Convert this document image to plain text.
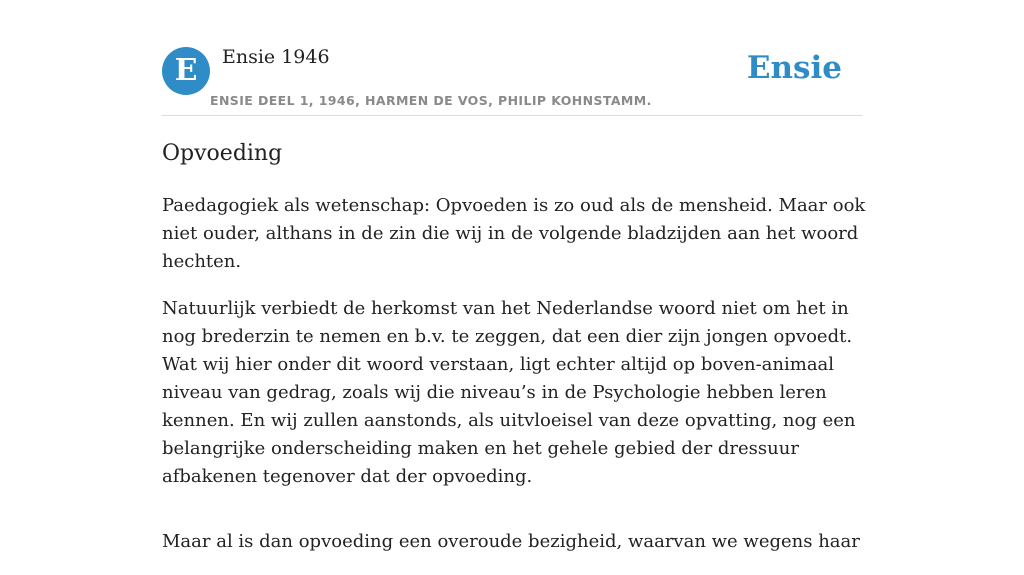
E	Ensie 1946
ENSIE DEEL 1, 1946, HARMEN DE VOS, PHILIP KOHNSTAMM.
Ensie
Opvoeding

Paedagogiek als wetenschap: Opvoeden is zo oud als de mensheid. Maar ook niet ouder, althans in de zin die wij in de volgende bladzijden aan het woord hechten.

Natuurlijk verbiedt de herkomst van het Nederlandse woord niet om het in nog brederzin te nemen en b.v. te zeggen, dat een dier zijn jongen opvoedt. Wat wij hier onder dit woord verstaan, ligt echter altijd op boven-animaal niveau van gedrag, zoals wij die niveau’s in de Psychologie hebben leren kennen. En wij zullen aanstonds, als uitvloeisel van deze opvatting, nog een belangrijke onderscheiding maken en het gehele gebied der dressuur afbakenen tegenover dat der opvoeding.

Maar al is dan opvoeding een overoude bezigheid, waarvan we wegens haar
